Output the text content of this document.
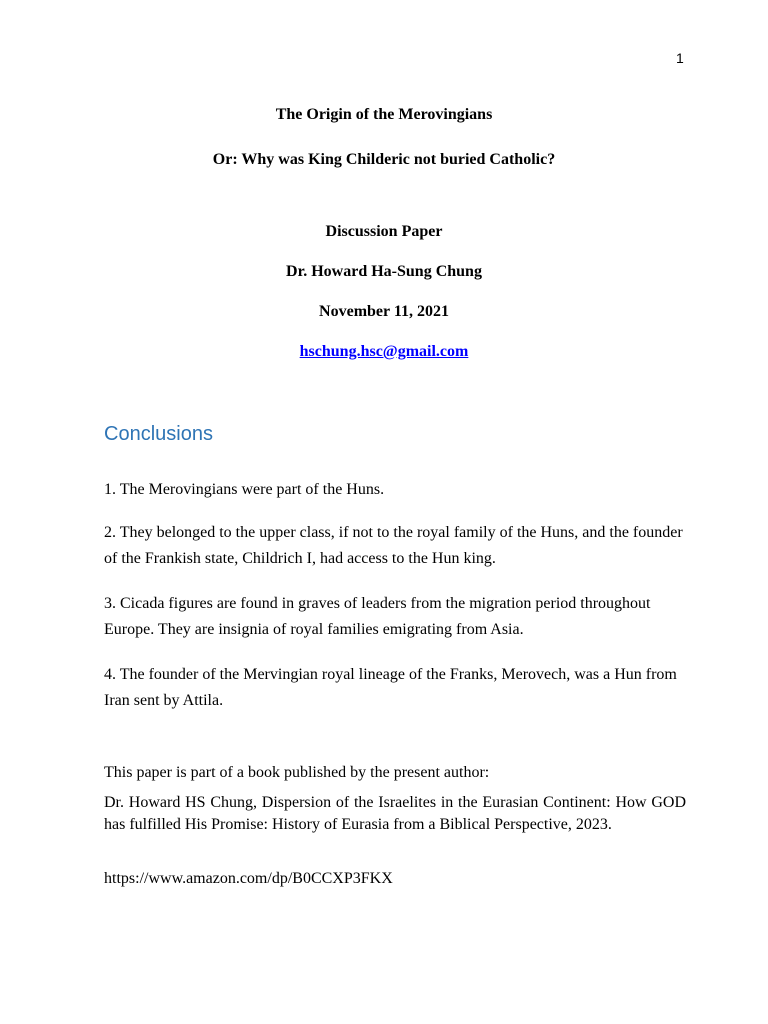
1

The Origin of the Merovingians

Or: Why was King Childeric not buried Catholic?

Discussion Paper

Dr. Howard Ha-Sung Chung

November 11, 2021

hschung.hsc@gmail.com

Conclusions

1. The Merovingians were part of the Huns.

2. They belonged to the upper class, if not to the royal family of the Huns, and the founder of the Frankish state, Childrich I, had access to the Hun king.

3. Cicada figures are found in graves of leaders from the migration period throughout Europe. They are insignia of royal families emigrating from Asia.

4. The founder of the Mervingian royal lineage of the Franks, Merovech, was a Hun from Iran sent by Attila.

This paper is part of a book published by the present author:

Dr. Howard HS Chung, Dispersion of the Israelites in the Eurasian Continent: How GOD has fulfilled His Promise: History of Eurasia from a Biblical Perspective, 2023.

https://www.amazon.com/dp/B0CCXP3FKX
